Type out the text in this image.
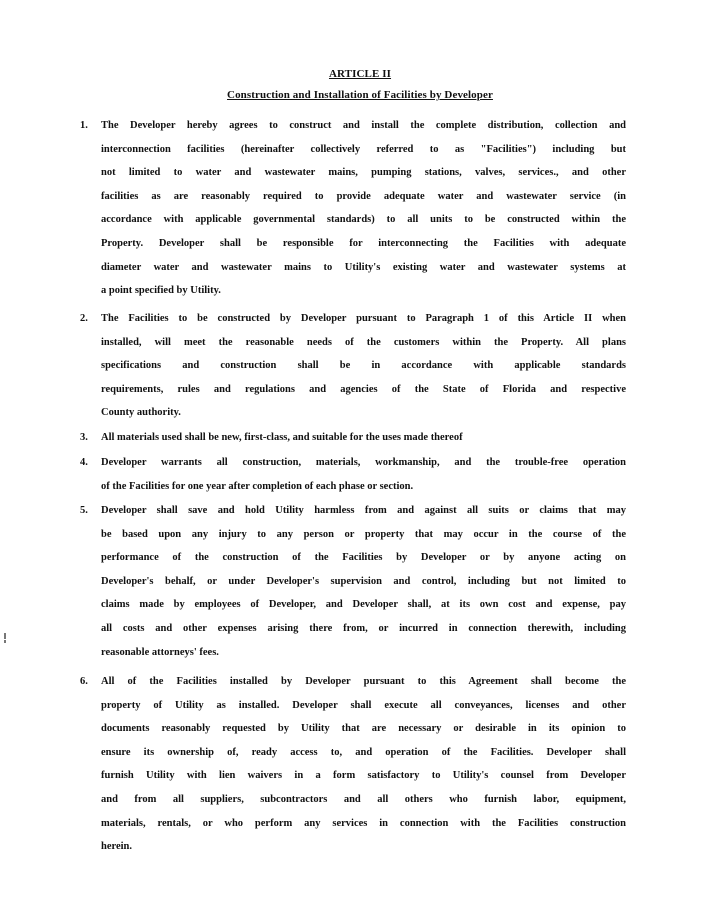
ARTICLE II
Construction and Installation of Facilities by Developer
1. The Developer hereby agrees to construct and install the complete distribution, collection and
interconnection facilities (hereinafter collectively referred to as "Facilities") including but
not limited to water and wastewater mains, pumping stations, valves, services., and other
facilities as are reasonably required to provide adequate water and wastewater service (in
accordance with applicable governmental standards) to all units to be constructed within the
Property. Developer shall be responsible for interconnecting the Facilities with adequate
diameter water and wastewater mains to Utility's existing water and wastewater systems at
a point specified by Utility.
2. The Facilities to be constructed by Developer pursuant to Paragraph 1 of this Article II when
installed, will meet the reasonable needs of the customers within the Property. All plans
specifications and construction shall be in accordance with applicable standards
requirements, rules and regulations and agencies of the State of Florida and respective
County authority.
3. All materials used shall be new, first-class, and suitable for the uses made thereof
4. Developer warrants all construction, materials, workmanship, and the trouble-free operation
of the Facilities for one year after completion of each phase or section.
5. Developer shall save and hold Utility harmless from and against all suits or claims that may
be based upon any injury to any person or property that may occur in the course of the
performance of the construction of the Facilities by Developer or by anyone acting on
Developer's behalf, or under Developer's supervision and control, including but not limited to
claims made by employees of Developer, and Developer shall, at its own cost and expense, pay
all costs and other expenses arising there from, or incurred in connection therewith, including
reasonable attorneys' fees.
6. All of the Facilities installed by Developer pursuant to this Agreement shall become the
property of Utility as installed. Developer shall execute all conveyances, licenses and other
documents reasonably requested by Utility that are necessary or desirable in its opinion to
ensure its ownership of, ready access to, and operation of the Facilities. Developer shall
furnish Utility with lien waivers in a form satisfactory to Utility's counsel from Developer
and from all suppliers, subcontractors and all others who furnish labor, equipment,
materials, rentals, or who perform any services in connection with the Facilities construction
herein.
